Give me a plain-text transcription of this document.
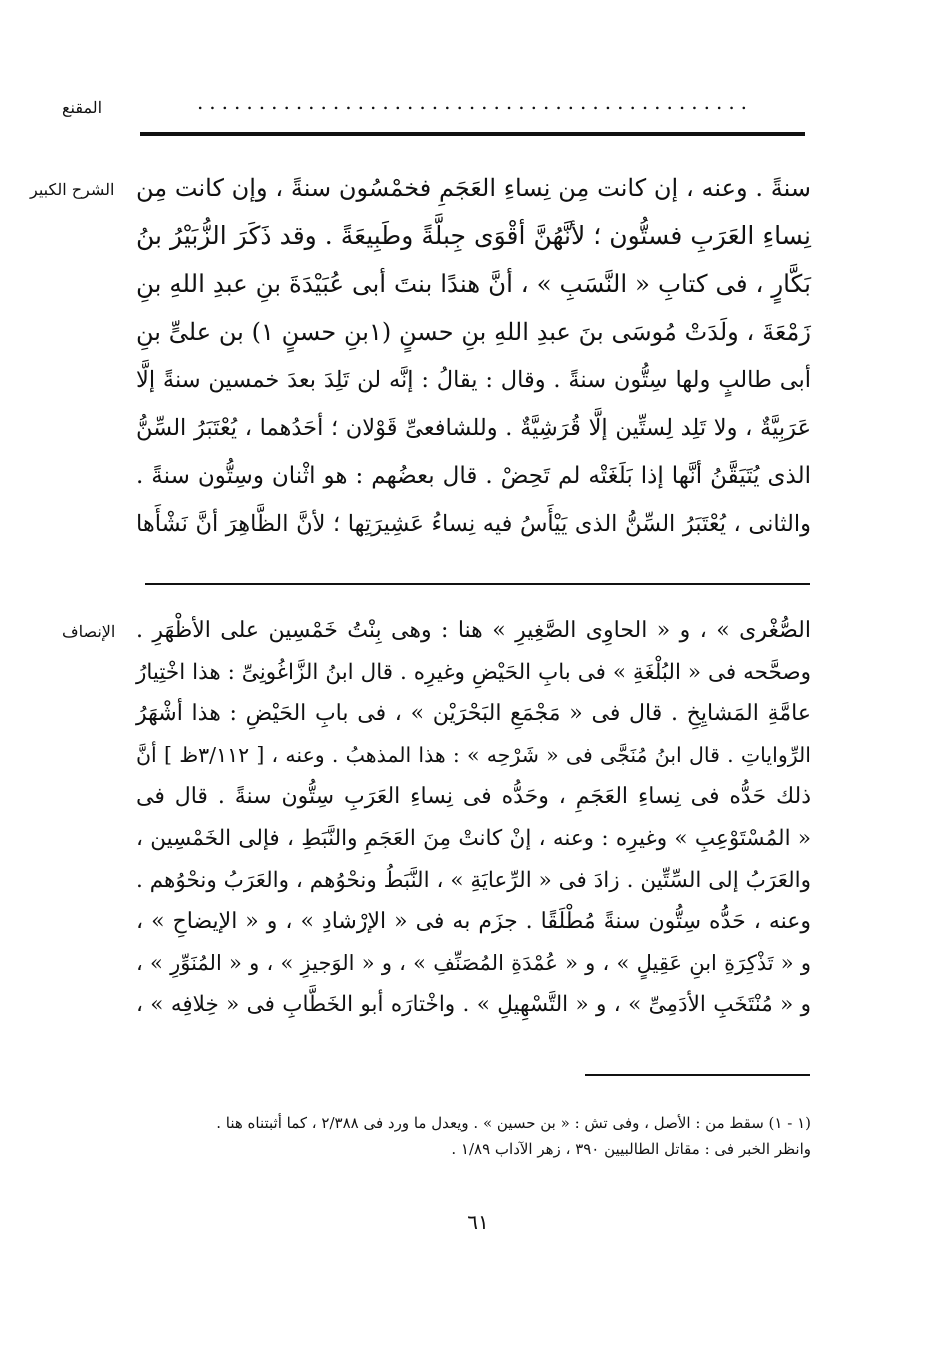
المقنع	.............................................
الشرح الكبير سنةً . وعنه ، إن كانت مِن نِساءِ العَجَمِ فخمْسُون سنةً ، وإن كانت مِن

نِساءِ العَرَبِ فستُّون ؛ لأنَّهُنَّ أقْوَى جِبلَّةً وطَبِيعَةً . وقد ذَكَرَ الزُّبَيْرُ بنُ

بَكَّارٍ ، فى كتابِ « النَّسَبِ » ، أنَّ هندًا بنتَ أبى عُبَيْدَةَ بنِ عبدِ اللهِ بنِ

زَمْعَةَ ، ولَدَتْ مُوسَى بنَ عبدِ اللهِ بنِ حسنٍ (١بنِ حسنٍ ١) بن علىٍّ بنِ

أبى طالبٍ ولها سِتُّون سنةً . وقال : يقالُ : إنَّه لن تَلِدَ بعدَ خمسين سنةً إلَّا

عَرَبِيَّةٌ ، ولا تَلِد لِستِّين إلَّا قُرَشِيَّةٌ . وللشافعىِّ قَوْلان ؛ أحَدُهما ، يُعْتَبَرُ السِّنُّ

الذى يُتَيَقَّنُ أنَّها إذا بَلَغَتْه لم تَحِضْ . قال بعضُهم : هو اثْنان وسِتُّون سنةً .

والثانى ، يُعْتَبَرُ السِّنُّ الذى يَيْأَسُ فيه نِساءُ عَشِيرَتِها ؛ لأنَّ الظَّاهِرَ أنَّ نَشْأَها

الإنصاف الصُّغْرى » ، و « الحاوِى الصَّغِيرِ » هنا : وهى بِنْتُ خَمْسِين على الأظْهَرِ .

وصحَّحه فى « البُلْغَةِ » فى بابِ الحَيْضِ وغيرِه . قال ابنُ الزَّاغُونِىِّ : هذا اخْتِيارُ

عامَّةِ المَشايِخِ . قال فى « مَجْمَعِ البَحْرَيْن » ، فى بابِ الحَيْضِ : هذا أشْهَرُ

الرِّواياتِ . قال ابنُ مُنَجَّى فى « شَرْحِه » : هذا المذهبُ . وعنه ، [ ٣/١١٢ظ ] أنَّ

ذلك حَدُّه فى نِساءِ العَجَمِ ، وحَدُّه فى نِساءِ العَرَبِ سِتُّون سنةً . قال فى

« المُسْتَوْعِبِ » وغيرِه : وعنه ، إنْ كانتْ مِنَ العَجَمِ والنَّبَطِ ، فإلى الخَمْسِين ،

والعَرَبُ إلى السِّتِّين . زادَ فى « الرِّعايَةِ » ، النَّبَطُ ونحْوُهم ، والعَرَبُ ونحْوُهم .

وعنه ، حَدُّه سِتُّون سنةً مُطْلَقًا . جزَم به فى « الإرْشادِ » ، و « الإيضاحِ » ،

و « تَذْكِرَةِ ابنِ عَقِيلٍ » ، و « عُمْدَةِ المُصَنِّفِ » ، و « الوَجيزِ » ، و « المُنَوِّرِ » ،

و « مُنْتَخَبِ الأدَمِىِّ » ، و « التَّسْهِيلِ » . واخْتارَه أبو الخَطَّابِ فى « خِلافِه » ،

(١ - ١) سقط من : الأصل ، وفى تش : « بن حسين » . ويعدل ما ورد فى ٢/٣٨٨ ، كما أثبتناه هنا .

وانظر الخبر فى : مقاتل الطالبيين ٣٩٠ ، زهر الآداب ١/٨٩ .

٦١
